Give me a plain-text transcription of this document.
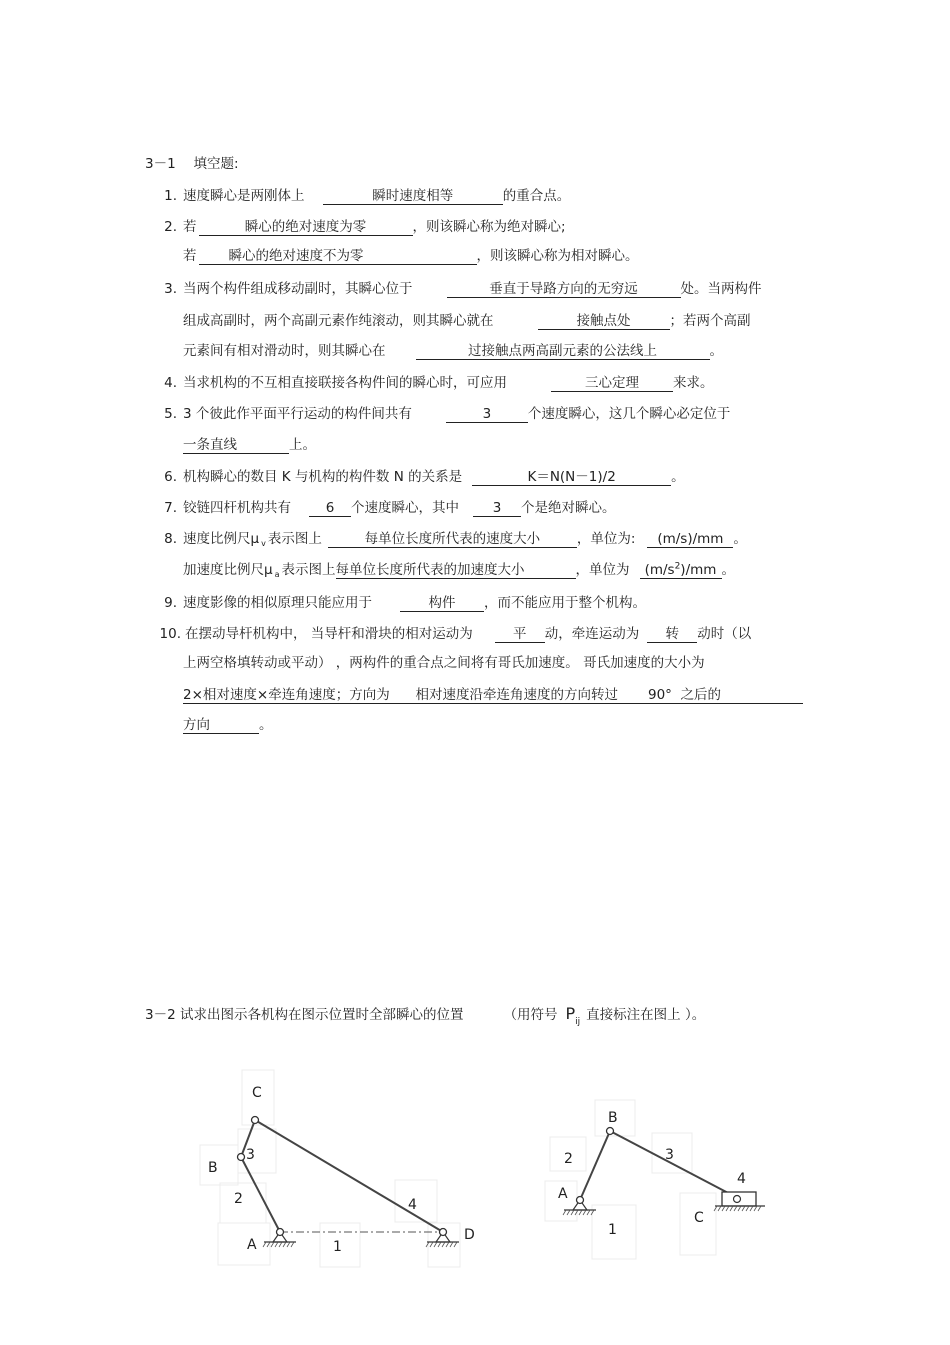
3－1　 填空题:
1. 速度瞬心是两刚体上	瞬时速度相等	的重合点。
2. 若	瞬心的绝对速度为零	，则该瞬心称为绝对瞬心;
若 瞬心的绝对速度不为零	，则该瞬心称为相对瞬心。
3. 当两个构件组成移动副时，其瞬心位于	垂直于导路方向的无穷远	处。当两构件
组成高副时，两个高副元素作纯滚动，则其瞬心就在	接触点处	；若两个高副
元素间有相对滑动时，则其瞬心在	过接触点两高副元素的公法线上	。
4. 当求机构的不互相直接联接各构件间的瞬心时，可应用	三心定理	来求。
5. 3 个彼此作平面平行运动的构件间共有	3	个速度瞬心，这几个瞬心必定位于
一条直线	上。
6. 机构瞬心的数目 K 与机构的构件数 N 的关系是	K＝N(N－1)/2	。
7. 铰链四杆机构共有	6 个速度瞬心，其中 3 个是绝对瞬心。
8. 速度比例尺μ $_v$ 表示图上	每单位长度所代表的速度大小	，单位为: (m/s)/mm 。
加速度比例尺μ $_a$ 表示图上每单位长度所代表的加速度大小	，单位为 $(m/s^2)/mm$ 。
9. 速度影像的相似原理只能应用于	构件 ，而不能应用于整个机构。
10. 在摆动导杆机构中， 当导杆和滑块的相对运动为	平 动，牵连运动为 转 动时（以
上两空格填转动或平动） ，两构件的重合点之间将有哥氏加速度。 哥氏加速度的大小为
2×相对速度×牵连角速度；方向为      相对速度沿牵连角速度的方向转过       90°  之后的
方向	。
3－2 试求出图示各机构在图示位置时全部瞬心的位置	（用符号 $P_{ij}$ 直接标注在图上 ）。
C
B
3
2
A	1
4
D
B
2
A
3
4
C
1
